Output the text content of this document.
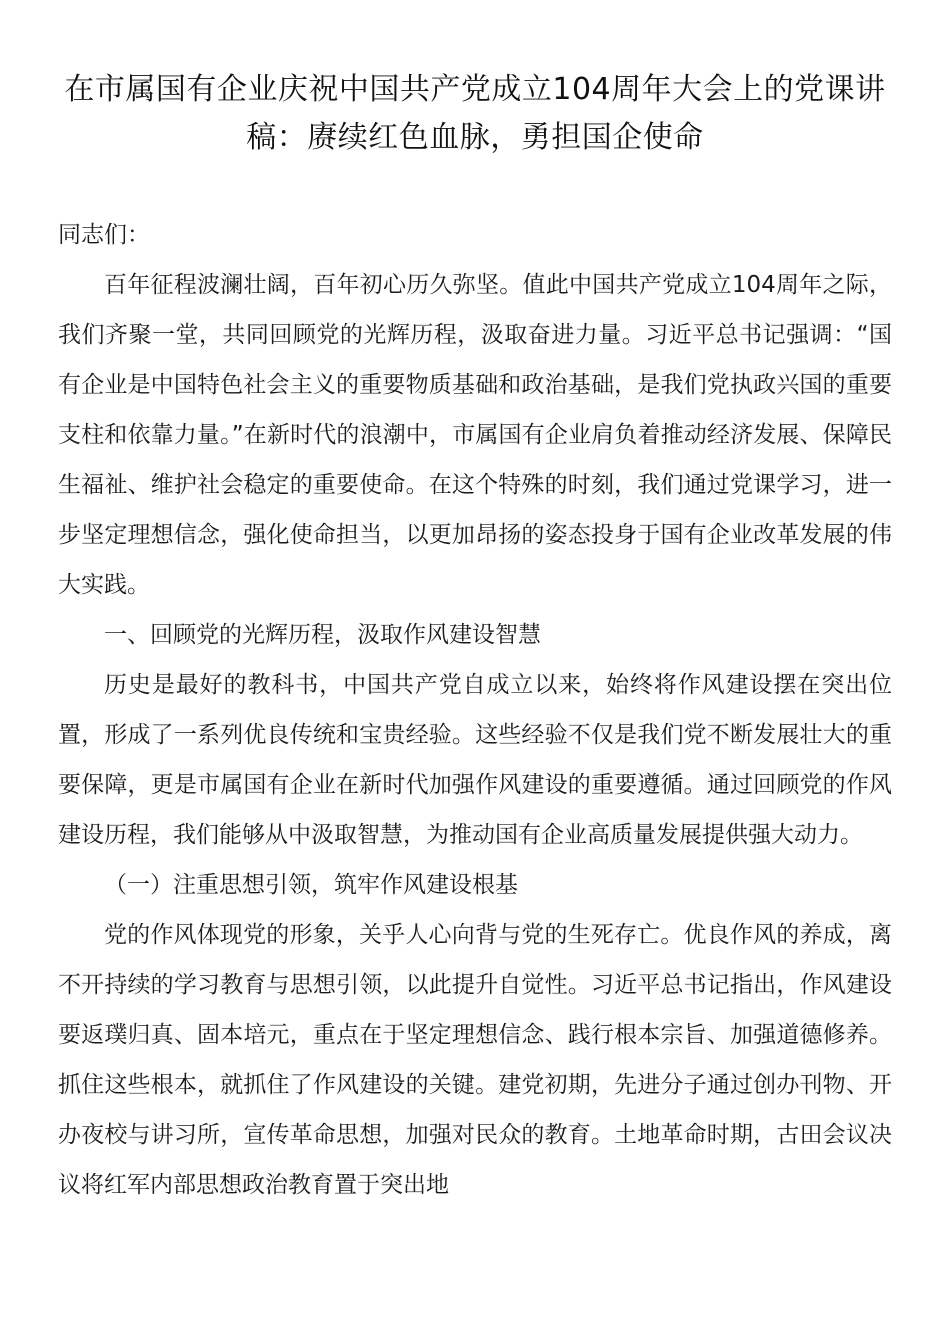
在市属国有企业庆祝中国共产党成立104周年大会上的党课讲稿：赓续红色血脉，勇担国企使命

同志们：

百年征程波澜壮阔，百年初心历久弥坚。值此中国共产党成立104周年之际，我们齐聚一堂，共同回顾党的光辉历程，汲取奋进力量。习近平总书记强调：“国有企业是中国特色社会主义的重要物质基础和政治基础，是我们党执政兴国的重要支柱和依靠力量。”在新时代的浪潮中，市属国有企业肩负着推动经济发展、保障民生福祉、维护社会稳定的重要使命。在这个特殊的时刻，我们通过党课学习，进一步坚定理想信念，强化使命担当，以更加昂扬的姿态投身于国有企业改革发展的伟大实践。

一、回顾党的光辉历程，汲取作风建设智慧

历史是最好的教科书，中国共产党自成立以来，始终将作风建设摆在突出位置，形成了一系列优良传统和宝贵经验。这些经验不仅是我们党不断发展壮大的重要保障，更是市属国有企业在新时代加强作风建设的重要遵循。通过回顾党的作风建设历程，我们能够从中汲取智慧，为推动国有企业高质量发展提供强大动力。

（一）注重思想引领，筑牢作风建设根基

党的作风体现党的形象，关乎人心向背与党的生死存亡。优良作风的养成，离不开持续的学习教育与思想引领，以此提升自觉性。习近平总书记指出，作风建设要返璞归真、固本培元，重点在于坚定理想信念、践行根本宗旨、加强道德修养。抓住这些根本，就抓住了作风建设的关键。建党初期，先进分子通过创办刊物、开办夜校与讲习所，宣传革命思想，加强对民众的教育。土地革命时期，古田会议决议将红军内部思想政治教育置于突出地
